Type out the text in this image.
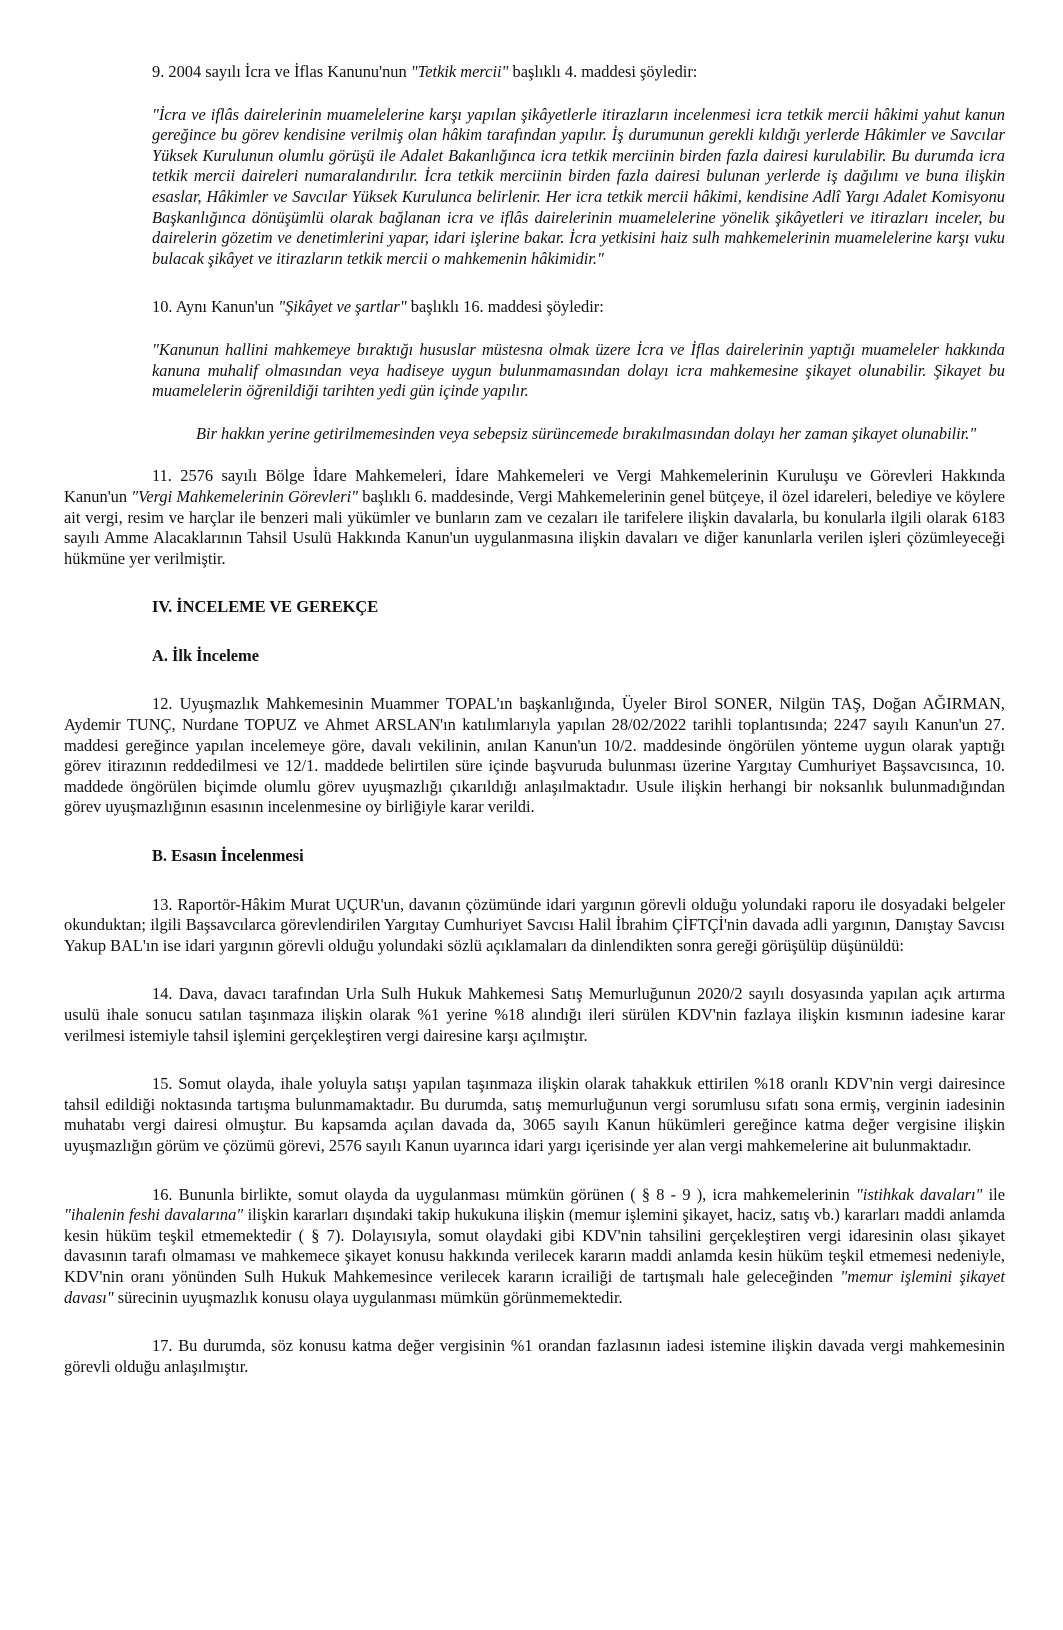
9. 2004 sayılı İcra ve İflas Kanunu'nun "Tetkik mercii" başlıklı 4. maddesi şöyledir:

"İcra ve iflâs dairelerinin muamelelerine karşı yapılan şikâyetlerle itirazların incelenmesi icra tetkik mercii hâkimi yahut kanun gereğince bu görev kendisine verilmiş olan hâkim tarafından yapılır. İş durumunun gerekli kıldığı yerlerde Hâkimler ve Savcılar Yüksek Kurulunun olumlu görüşü ile Adalet Bakanlığınca icra tetkik merciinin birden fazla dairesi kurulabilir. Bu durumda icra tetkik mercii daireleri numaralandırılır. İcra tetkik merciinin birden fazla dairesi bulunan yerlerde iş dağılımı ve buna ilişkin esaslar, Hâkimler ve Savcılar Yüksek Kurulunca belirlenir. Her icra tetkik mercii hâkimi, kendisine Adlî Yargı Adalet Komisyonu Başkanlığınca dönüşümlü olarak bağlanan icra ve iflâs dairelerinin muamelelerine yönelik şikâyetleri ve itirazları inceler, bu dairelerin gözetim ve denetimlerini yapar, idari işlerine bakar. İcra yetkisini haiz sulh mahkemelerinin muamelelerine karşı vuku bulacak şikâyet ve itirazların tetkik mercii o mahkemenin hâkimidir."

10. Aynı Kanun'un "Şikâyet ve şartlar" başlıklı 16. maddesi şöyledir:

"Kanunun hallini mahkemeye bıraktığı hususlar müstesna olmak üzere İcra ve İflas dairelerinin yaptığı muameleler hakkında kanuna muhalif olmasından veya hadiseye uygun bulunmamasından dolayı icra mahkemesine şikayet olunabilir. Şikayet bu muamelelerin öğrenildiği tarihten yedi gün içinde yapılır.

Bir hakkın yerine getirilmemesinden veya sebepsiz sürüncemede bırakılmasından dolayı her zaman şikayet olunabilir."

11. 2576 sayılı Bölge İdare Mahkemeleri, İdare Mahkemeleri ve Vergi Mahkemelerinin Kuruluşu ve Görevleri Hakkında Kanun'un "Vergi Mahkemelerinin Görevleri" başlıklı 6. maddesinde, Vergi Mahkemelerinin genel bütçeye, il özel idareleri, belediye ve köylere ait vergi, resim ve harçlar ile benzeri mali yükümler ve bunların zam ve cezaları ile tarifelere ilişkin davalarla, bu konularla ilgili olarak 6183 sayılı Amme Alacaklarının Tahsil Usulü Hakkında Kanun'un uygulanmasına ilişkin davaları ve diğer kanunlarla verilen işleri çözümleyeceği hükmüne yer verilmiştir.

IV. İNCELEME VE GEREKÇE

A. İlk İnceleme

12. Uyuşmazlık Mahkemesinin Muammer TOPAL'ın başkanlığında, Üyeler Birol SONER, Nilgün TAŞ, Doğan AĞIRMAN, Aydemir TUNÇ, Nurdane TOPUZ ve Ahmet ARSLAN'ın katılımlarıyla yapılan 28/02/2022 tarihli toplantısında; 2247 sayılı Kanun'un 27. maddesi gereğince yapılan incelemeye göre, davalı vekilinin, anılan Kanun'un 10/2. maddesinde öngörülen yönteme uygun olarak yaptığı görev itirazının reddedilmesi ve 12/1. maddede belirtilen süre içinde başvuruda bulunması üzerine Yargıtay Cumhuriyet Başsavcısınca, 10. maddede öngörülen biçimde olumlu görev uyuşmazlığı çıkarıldığı anlaşılmaktadır. Usule ilişkin herhangi bir noksanlık bulunmadığından görev uyuşmazlığının esasının incelenmesine oy birliğiyle karar verildi.

B. Esasın İncelenmesi

13. Raportör-Hâkim Murat UÇUR'un, davanın çözümünde idari yargının görevli olduğu yolundaki raporu ile dosyadaki belgeler okunduktan; ilgili Başsavcılarca görevlendirilen Yargıtay Cumhuriyet Savcısı Halil İbrahim ÇİFTÇİ'nin davada adli yargının, Danıştay Savcısı Yakup BAL'ın ise idari yargının görevli olduğu yolundaki sözlü açıklamaları da dinlendikten sonra gereği görüşülüp düşünüldü:

14. Dava, davacı tarafından Urla Sulh Hukuk Mahkemesi Satış Memurluğunun 2020/2 sayılı dosyasında yapılan açık artırma usulü ihale sonucu satılan taşınmaza ilişkin olarak %1 yerine %18 alındığı ileri sürülen KDV'nin fazlaya ilişkin kısmının iadesine karar verilmesi istemiyle tahsil işlemini gerçekleştiren vergi dairesine karşı açılmıştır.

15. Somut olayda, ihale yoluyla satışı yapılan taşınmaza ilişkin olarak tahakkuk ettirilen %18 oranlı KDV'nin vergi dairesince tahsil edildiği noktasında tartışma bulunmamaktadır. Bu durumda, satış memurluğunun vergi sorumlusu sıfatı sona ermiş, verginin iadesinin muhatabı vergi dairesi olmuştur. Bu kapsamda açılan davada da, 3065 sayılı Kanun hükümleri gereğince katma değer vergisine ilişkin uyuşmazlığın görüm ve çözümü görevi, 2576 sayılı Kanun uyarınca idari yargı içerisinde yer alan vergi mahkemelerine ait bulunmaktadır.

16. Bununla birlikte, somut olayda da uygulanması mümkün görünen ( § 8 - 9 ), icra mahkemelerinin "istihkak davaları" ile "ihalenin feshi davalarına" ilişkin kararları dışındaki takip hukukuna ilişkin (memur işlemini şikayet, haciz, satış vb.) kararları maddi anlamda kesin hüküm teşkil etmemektedir ( § 7). Dolayısıyla, somut olaydaki gibi KDV'nin tahsilini gerçekleştiren vergi idaresinin olası şikayet davasının tarafı olmaması ve mahkemece şikayet konusu hakkında verilecek kararın maddi anlamda kesin hüküm teşkil etmemesi nedeniyle, KDV'nin oranı yönünden Sulh Hukuk Mahkemesince verilecek kararın icrailiği de tartışmalı hale geleceğinden "memur işlemini şikayet davası" sürecinin uyuşmazlık konusu olaya uygulanması mümkün görünmemektedir.

17. Bu durumda, söz konusu katma değer vergisinin %1 orandan fazlasının iadesi istemine ilişkin davada vergi mahkemesinin görevli olduğu anlaşılmıştır.
